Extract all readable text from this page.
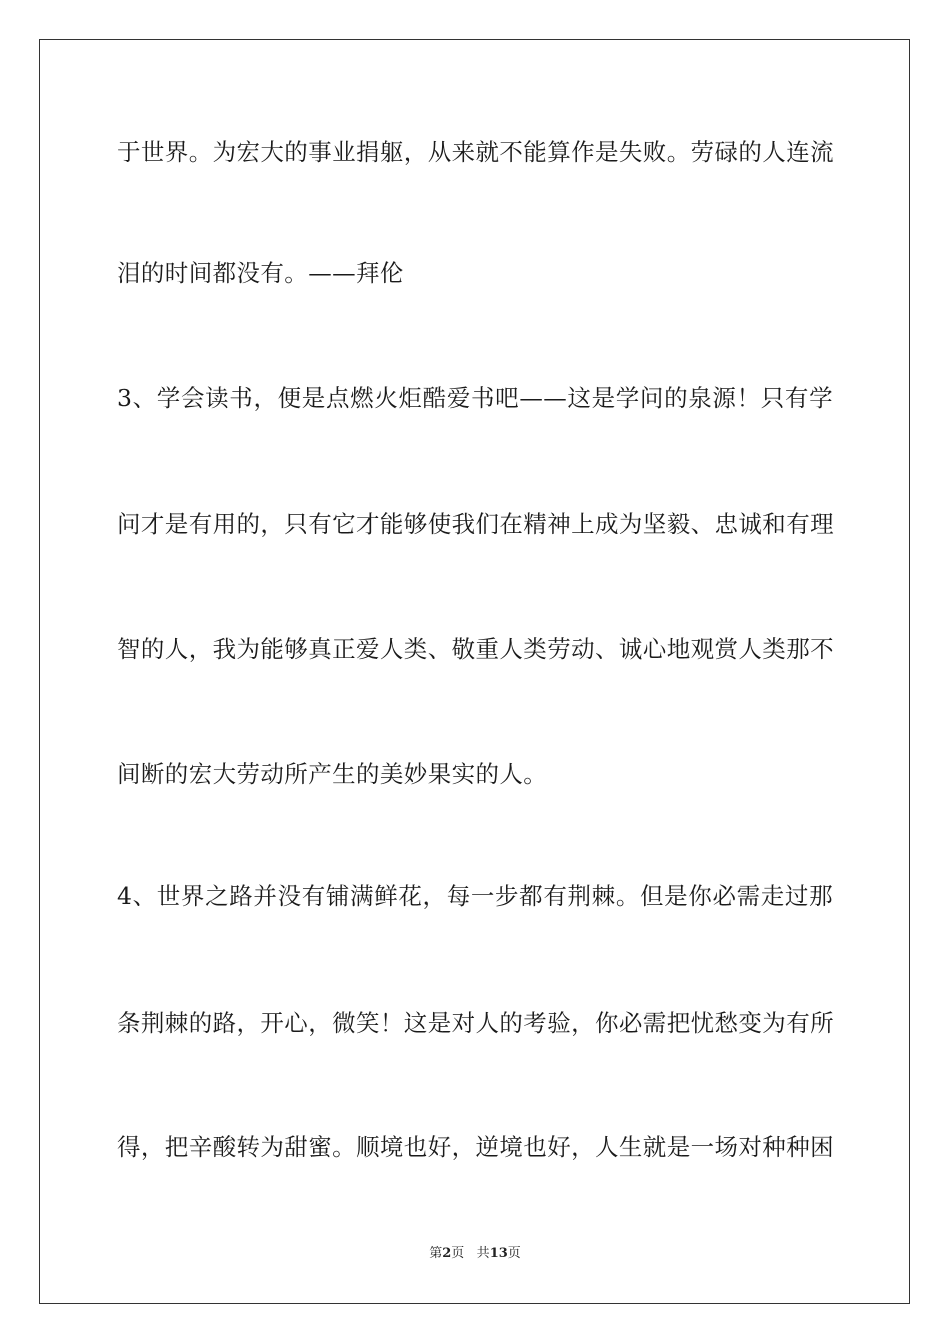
于世界。为宏大的事业捐躯，从来就不能算作是失败。劳碌的人连流
泪的时间都没有。——拜伦
3、学会读书，便是点燃火炬酷爱书吧——这是学问的泉源！只有学
问才是有用的，只有它才能够使我们在精神上成为坚毅、忠诚和有理
智的人，我为能够真正爱人类、敬重人类劳动、诚心地观赏人类那不
间断的宏大劳动所产生的美妙果实的人。
4、世界之路并没有铺满鲜花，每一步都有荆棘。但是你必需走过那
条荆棘的路，开心，微笑！这是对人的考验，你必需把忧愁变为有所
得，把辛酸转为甜蜜。顺境也好，逆境也好，人生就是一场对种种困
第2页 共13页
